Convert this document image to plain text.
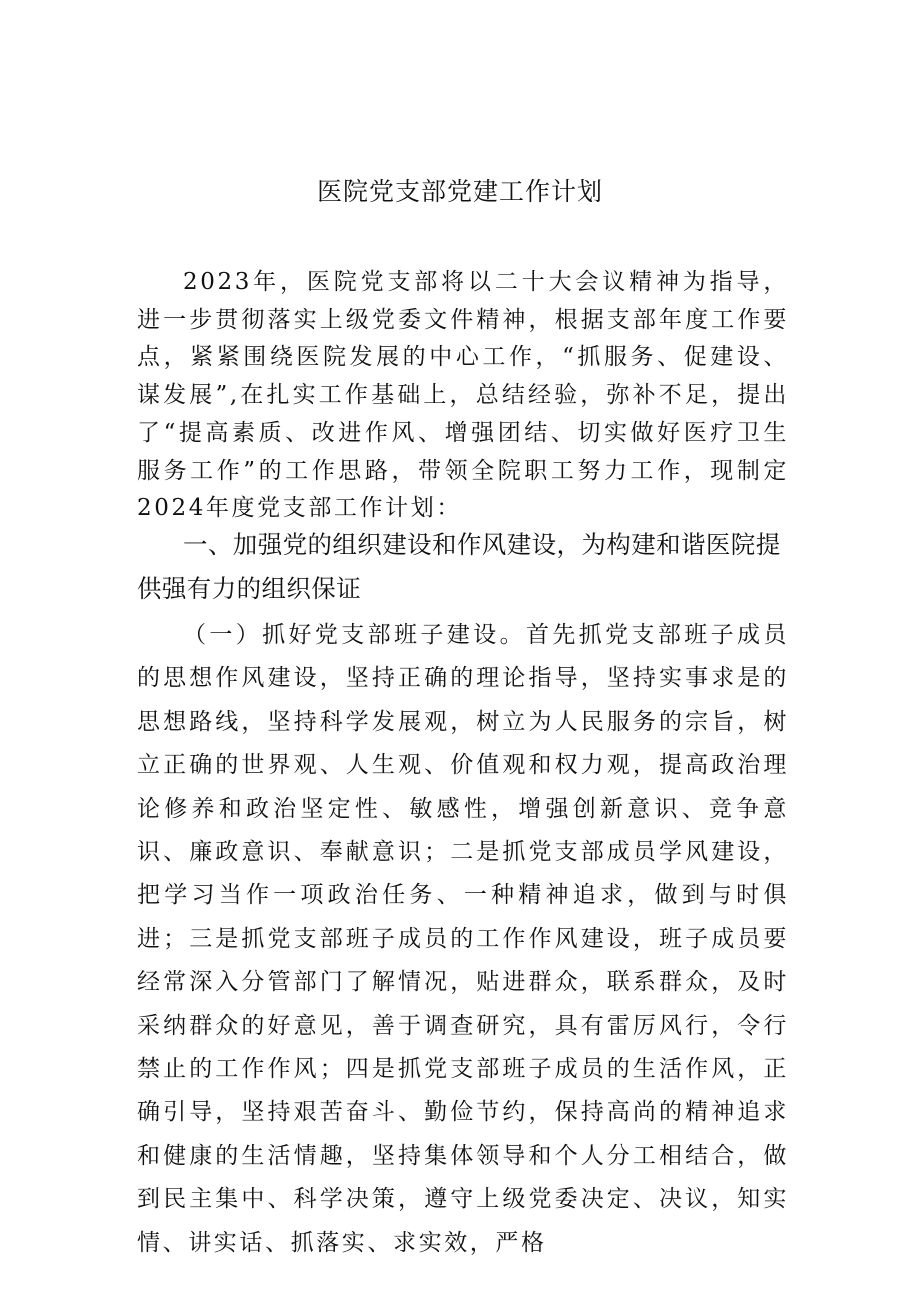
医院党支部党建工作计划

2023年，医院党支部将以二十大会议精神为指导，进一步贯彻落实上级党委文件精神，根据支部年度工作要点，紧紧围绕医院发展的中心工作，“抓服务、促建设、谋发展”,在扎实工作基础上，总结经验，弥补不足，提出了“提高素质、改进作风、增强团结、切实做好医疗卫生服务工作”的工作思路，带领全院职工努力工作，现制定2024年度党支部工作计划：

一、加强党的组织建设和作风建设，为构建和谐医院提供强有力的组织保证

（一）抓好党支部班子建设。首先抓党支部班子成员的思想作风建设，坚持正确的理论指导，坚持实事求是的思想路线，坚持科学发展观，树立为人民服务的宗旨，树立正确的世界观、人生观、价值观和权力观，提高政治理论修养和政治坚定性、敏感性，增强创新意识、竞争意识、廉政意识、奉献意识；二是抓党支部成员学风建设，把学习当作一项政治任务、一种精神追求，做到与时俱进；三是抓党支部班子成员的工作作风建设，班子成员要经常深入分管部门了解情况，贴进群众，联系群众，及时采纳群众的好意见，善于调查研究，具有雷厉风行，令行禁止的工作作风；四是抓党支部班子成员的生活作风，正确引导，坚持艰苦奋斗、勤俭节约，保持高尚的精神追求和健康的生活情趣，坚持集体领导和个人分工相结合，做到民主集中、科学决策，遵守上级党委决定、决议，知实情、讲实话、抓落实、求实效，严格
